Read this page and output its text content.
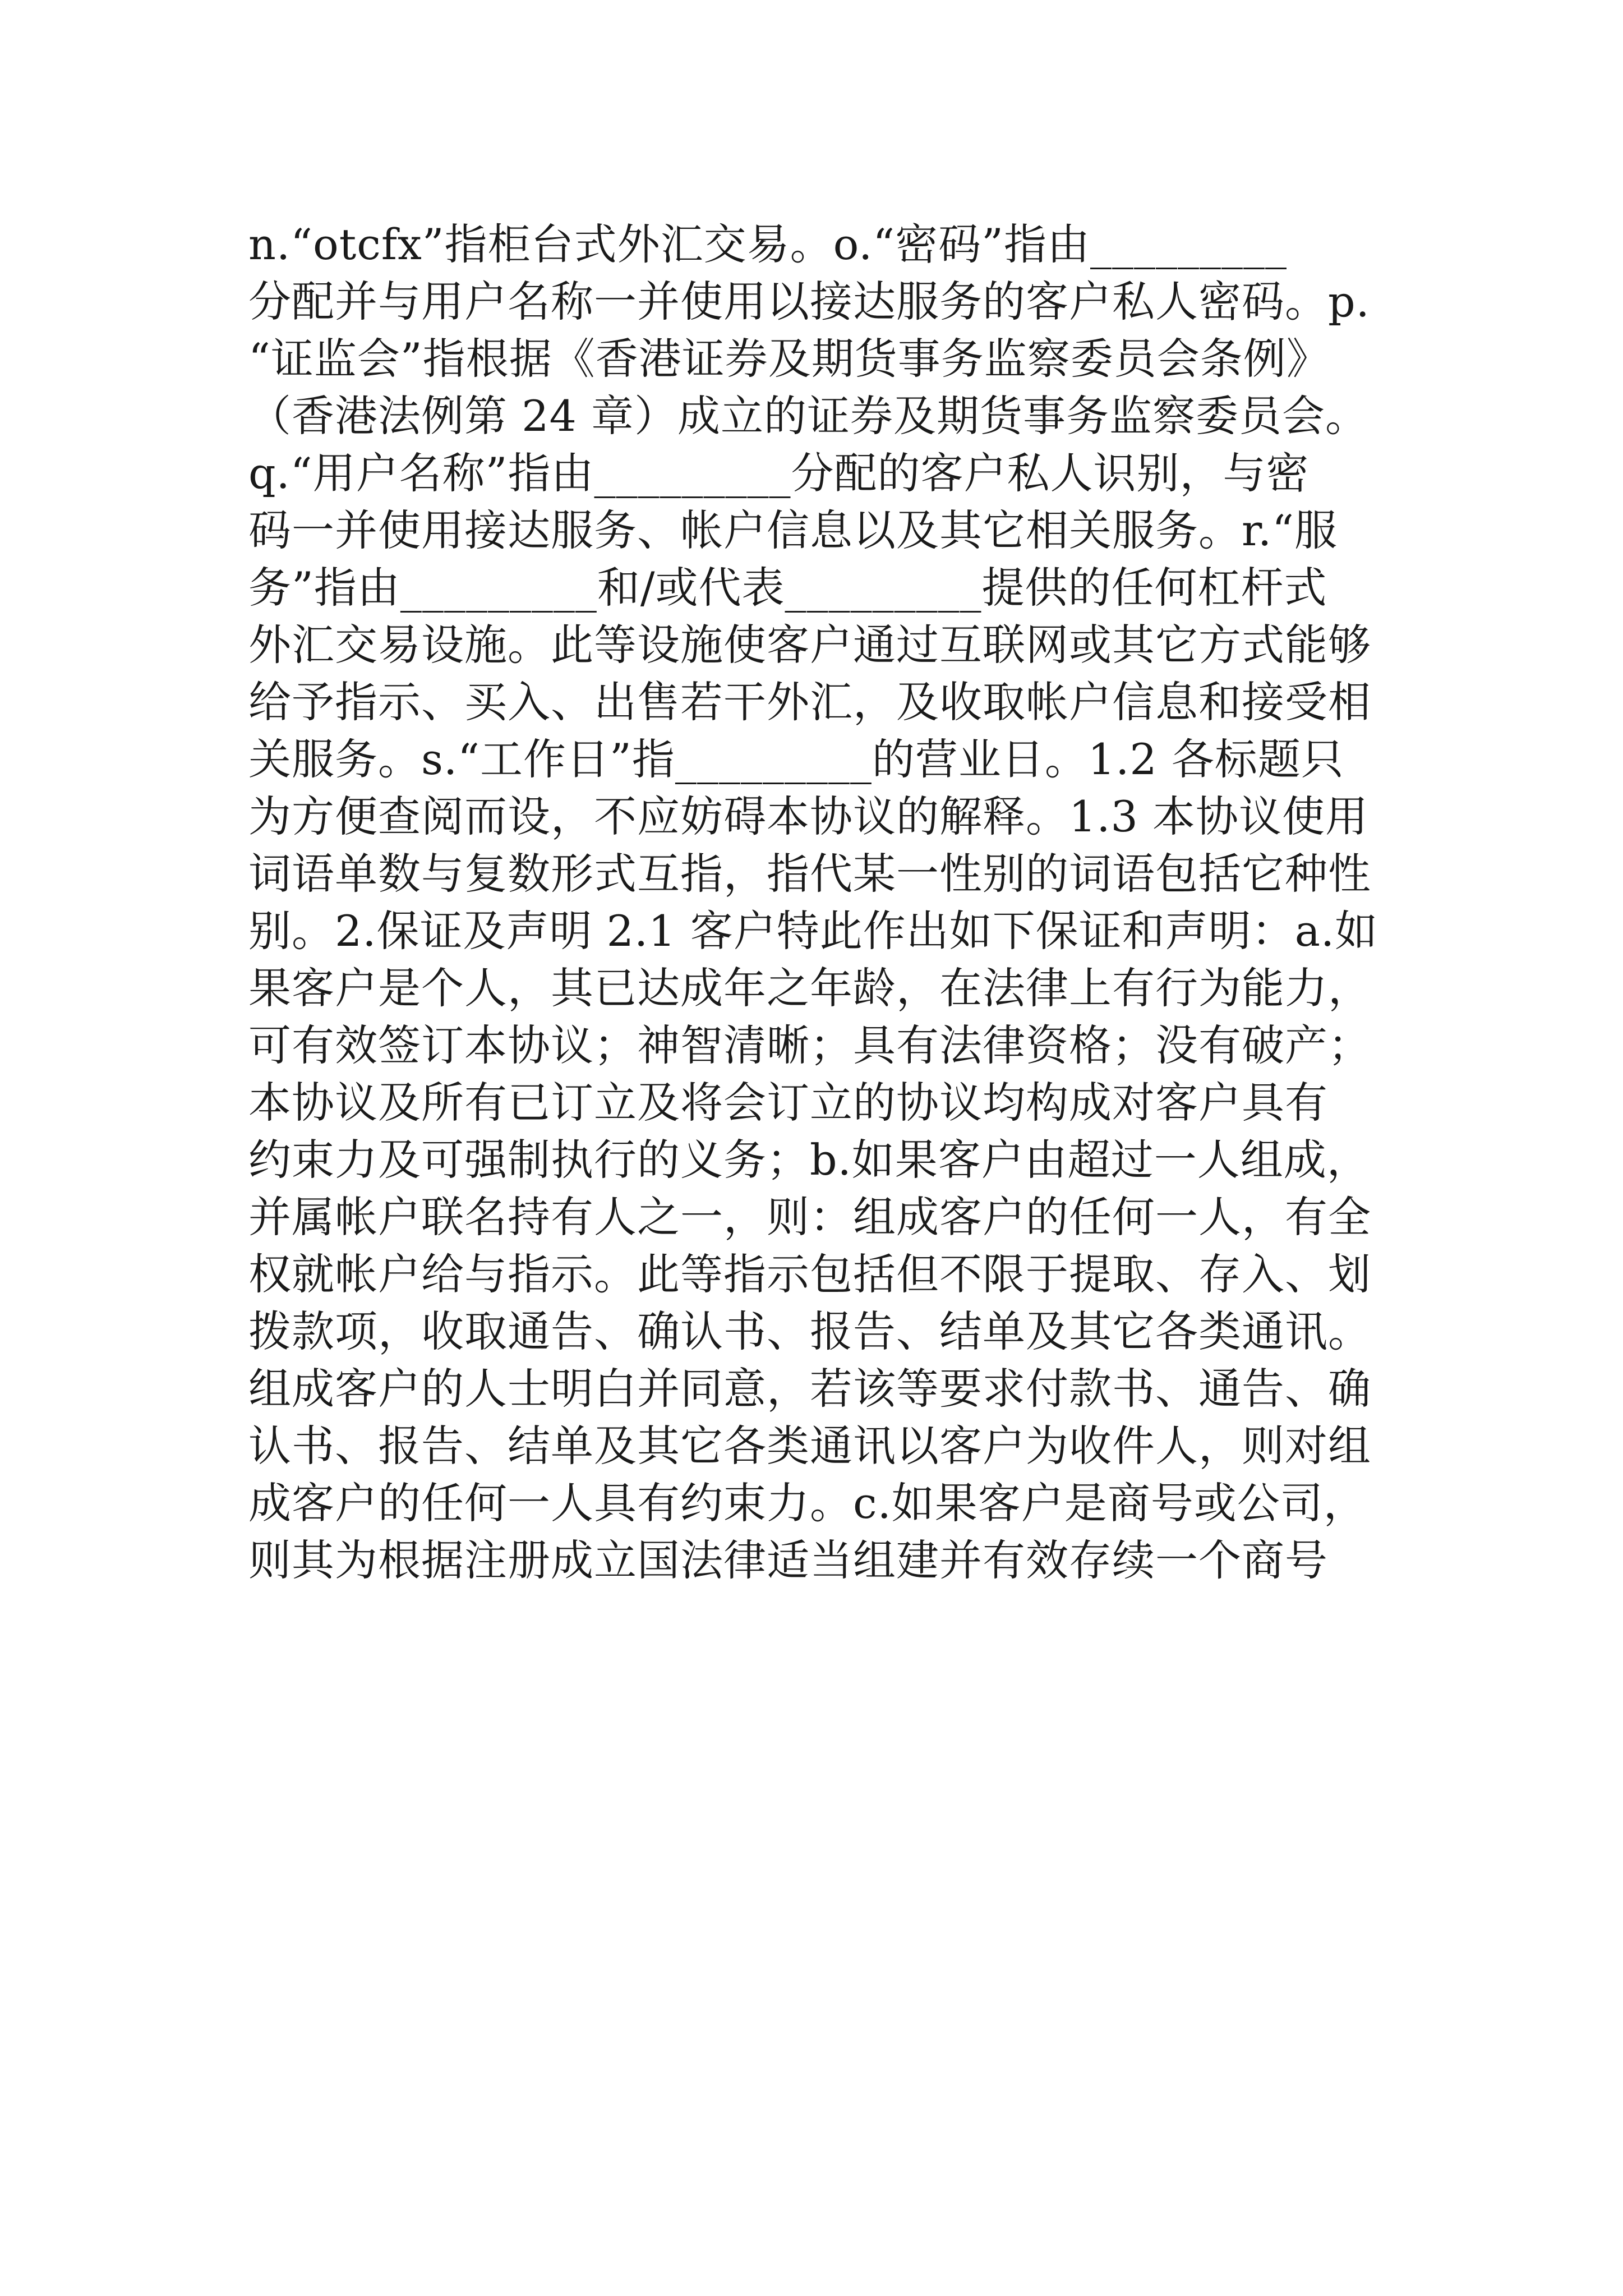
n.“otcfx”指柜台式外汇交易。o.“密码”指由_________
分配并与用户名称一并使用以接达服务的客户私人密码。p.
“证监会”指根据《香港证券及期货事务监察委员会条例》
（香港法例第 24 章）成立的证券及期货事务监察委员会。
q.“用户名称”指由_________分配的客户私人识别，与密
码一并使用接达服务、帐户信息以及其它相关服务。r.“服
务”指由_________和/或代表_________提供的任何杠杆式
外汇交易设施。此等设施使客户通过互联网或其它方式能够
给予指示、买入、出售若干外汇，及收取帐户信息和接受相
关服务。s.“工作日”指_________的营业日。1.2 各标题只
为方便查阅而设，不应妨碍本协议的解释。1.3 本协议使用
词语单数与复数形式互指，指代某一性别的词语包括它种性
别。2.保证及声明 2.1 客户特此作出如下保证和声明：a.如
果客户是个人，其已达成年之年龄，在法律上有行为能力，
可有效签订本协议；神智清晰；具有法律资格；没有破产；
本协议及所有已订立及将会订立的协议均构成对客户具有
约束力及可强制执行的义务；b.如果客户由超过一人组成，
并属帐户联名持有人之一，则：组成客户的任何一人，有全
权就帐户给与指示。此等指示包括但不限于提取、存入、划
拨款项，收取通告、确认书、报告、结单及其它各类通讯。
组成客户的人士明白并同意，若该等要求付款书、通告、确
认书、报告、结单及其它各类通讯以客户为收件人，则对组
成客户的任何一人具有约束力。c.如果客户是商号或公司，
则其为根据注册成立国法律适当组建并有效存续一个商号
